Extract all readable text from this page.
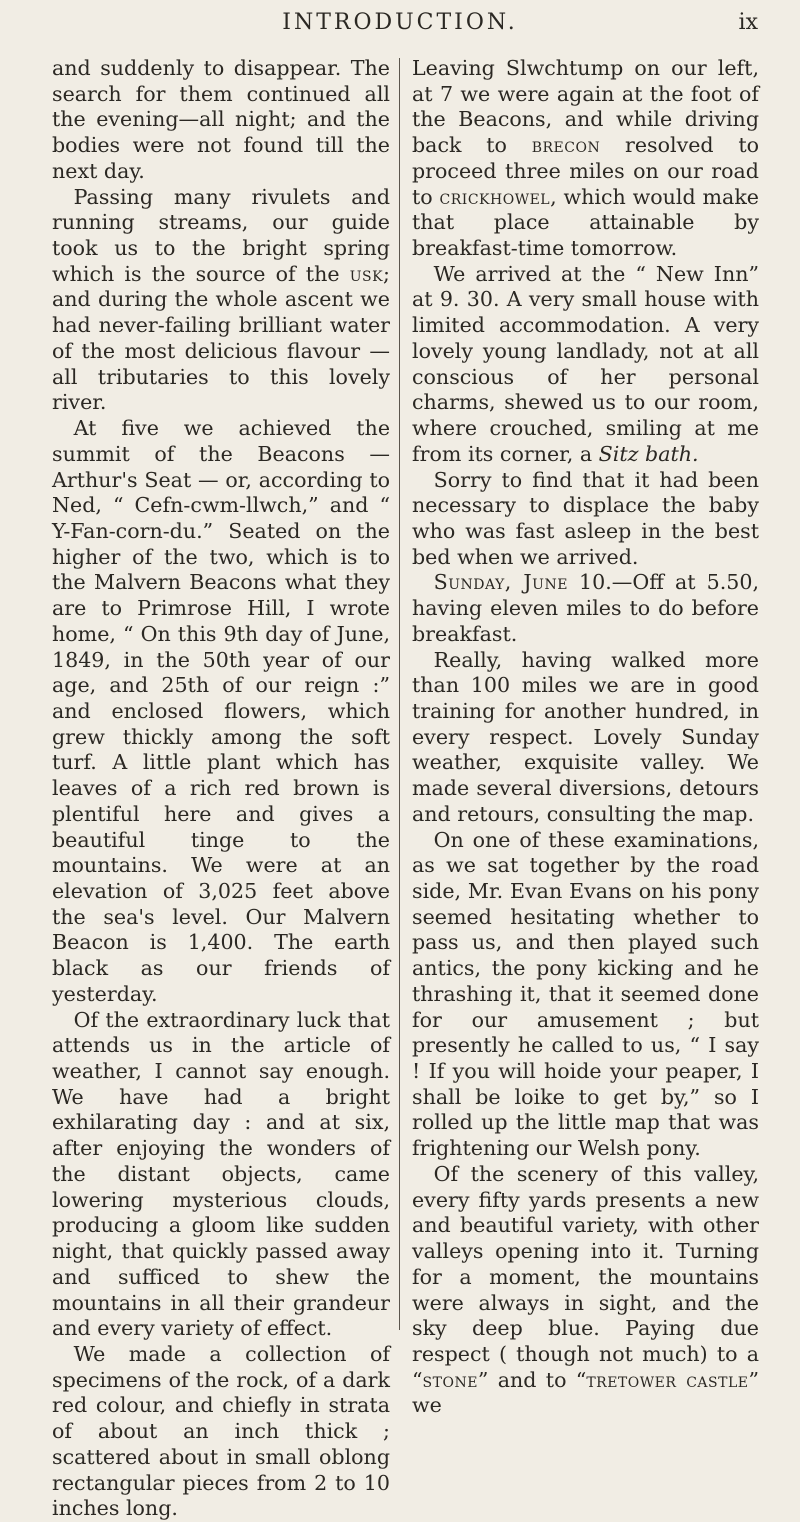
INTRODUCTION.	ix

and suddenly to disappear. The search for them continued all the evening—all night; and the bodies were not found till the next day.

Passing many rivulets and running streams, our guide took us to the bright spring which is the source of the usk; and during the whole ascent we had never-failing brilliant water of the most delicious flavour — all tributaries to this lovely river.

At five we achieved the summit of the Beacons — Arthur's Seat — or, according to Ned, “ Cefn-cwm-llwch,” and “ Y-Fan-corn-du.” Seated on the higher of the two, which is to the Malvern Beacons what they are to Primrose Hill, I wrote home, “ On this 9th day of June, 1849, in the 50th year of our age, and 25th of our reign :” and enclosed flowers, which grew thickly among the soft turf. A little plant which has leaves of a rich red brown is plentiful here and gives a beautiful tinge to the mountains. We were at an elevation of 3,025 feet above the sea's level. Our Malvern Beacon is 1,400. The earth black as our friends of yesterday.

Of the extraordinary luck that attends us in the article of weather, I cannot say enough. We have had a bright exhilarating day : and at six, after enjoying the wonders of the distant objects, came lowering mysterious clouds, producing a gloom like sudden night, that quickly passed away and sufficed to shew the mountains in all their grandeur and every variety of effect.

We made a collection of specimens of the rock, of a dark red colour, and chiefly in strata of about an inch thick ; scattered about in small oblong rectangular pieces from 2 to 10 inches long.

Leaving Slwchtump on our left, at 7 we were again at the foot of the Beacons, and while driving back to brecon resolved to proceed three miles on our road to crickhowel, which would make that place attainable by breakfast-time tomorrow.

We arrived at the “ New Inn” at 9. 30. A very small house with limited accommodation. A very lovely young landlady, not at all conscious of her personal charms, shewed us to our room, where crouched, smiling at me from its corner, a Sitz bath.

Sorry to find that it had been necessary to displace the baby who was fast asleep in the best bed when we arrived.

Sunday, June 10.—Off at 5.50, having eleven miles to do before breakfast.

Really, having walked more than 100 miles we are in good training for another hundred, in every respect. Lovely Sunday weather, exquisite valley. We made several diversions, detours and retours, consulting the map.

On one of these examinations, as we sat together by the road side, Mr. Evan Evans on his pony seemed hesitating whether to pass us, and then played such antics, the pony kicking and he thrashing it, that it seemed done for our amusement ; but presently he called to us, “ I say ! If you will hoide your peaper, I shall be loike to get by,” so I rolled up the little map that was frightening our Welsh pony.

Of the scenery of this valley, every fifty yards presents a new and beautiful variety, with other valleys opening into it. Turning for a moment, the mountains were always in sight, and the sky deep blue. Paying due respect ( though not much) to a “stone” and to “tretower castle” we
